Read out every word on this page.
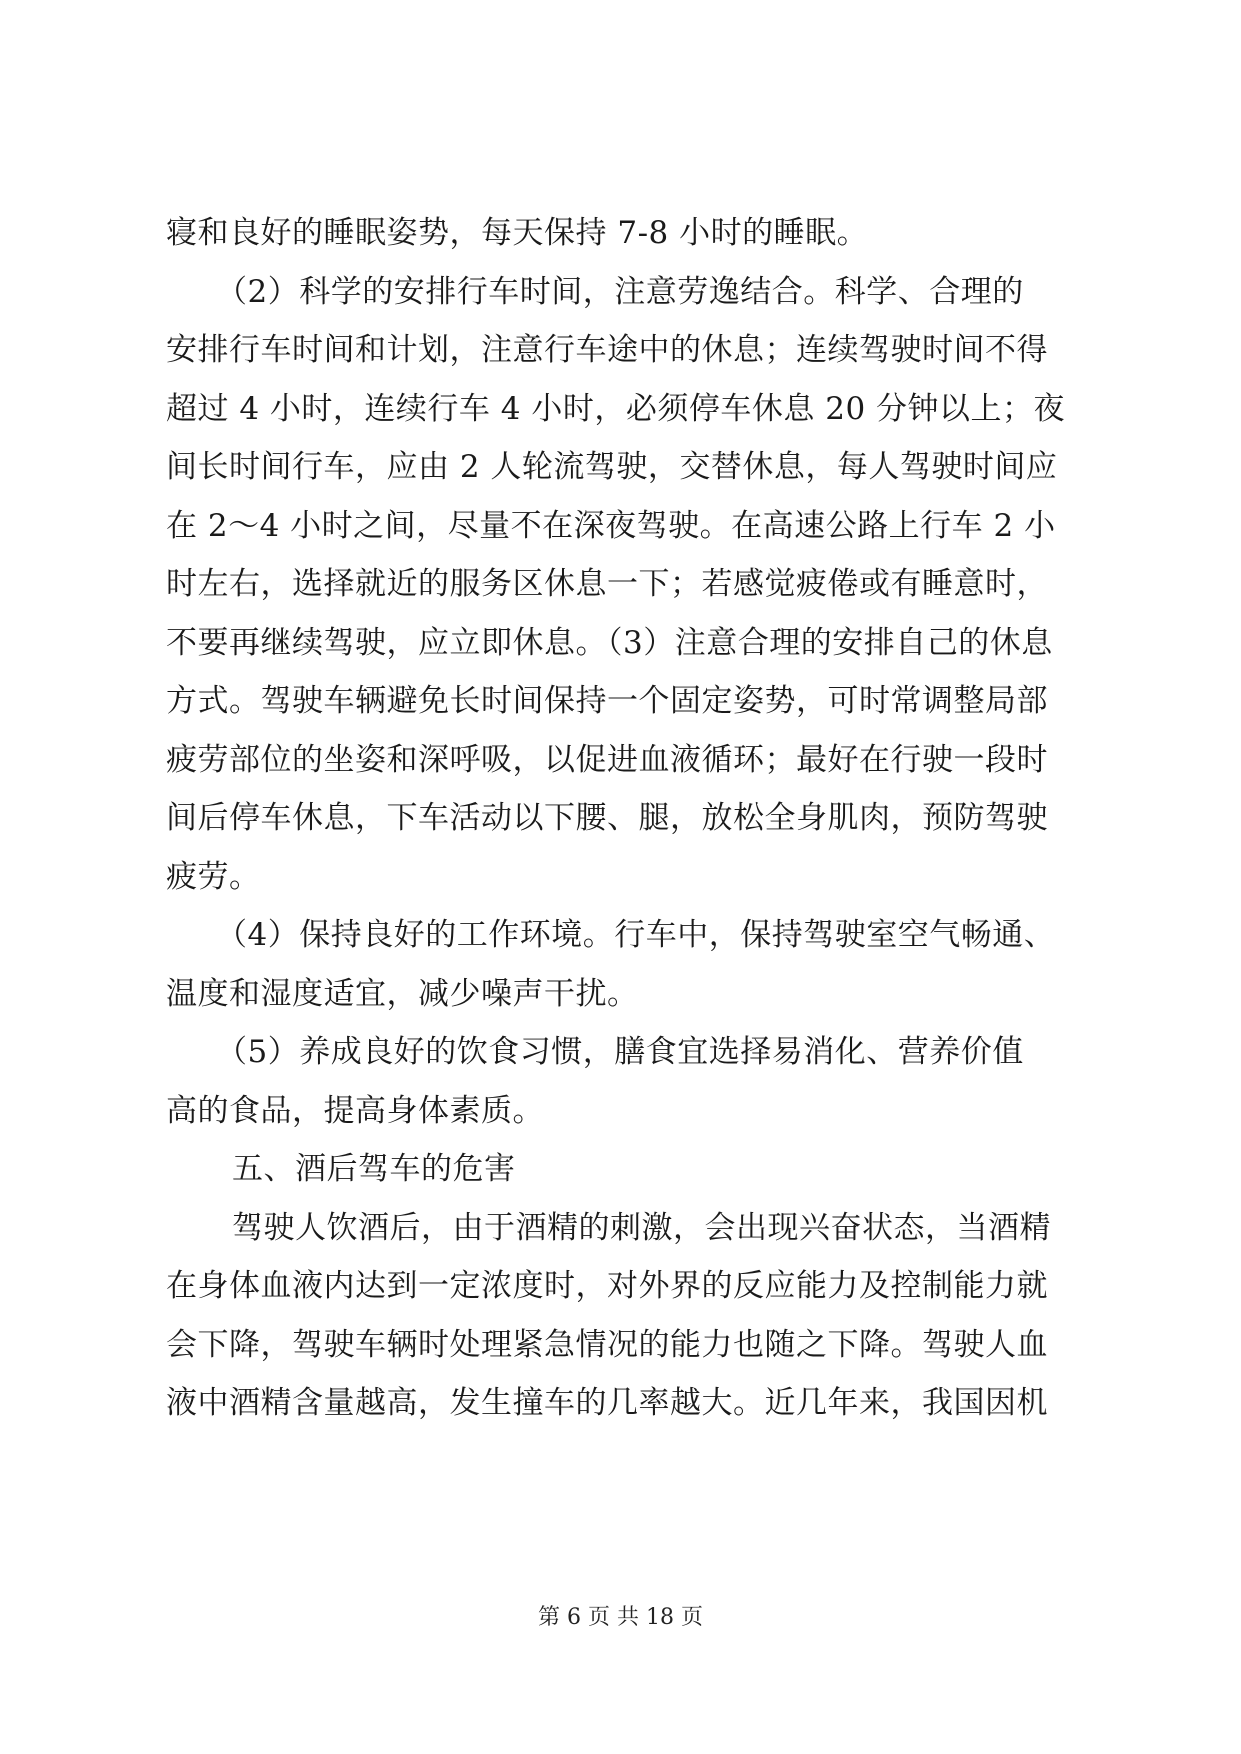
寝和良好的睡眠姿势，每天保持 7-8 小时的睡眠。
（2）科学的安排行车时间，注意劳逸结合。科学、合理的
安排行车时间和计划，注意行车途中的休息；连续驾驶时间不得
超过 4 小时，连续行车 4 小时，必须停车休息 20 分钟以上；夜
间长时间行车，应由 2 人轮流驾驶，交替休息，每人驾驶时间应
在 2～4 小时之间，尽量不在深夜驾驶。在高速公路上行车 2 小
时左右，选择就近的服务区休息一下；若感觉疲倦或有睡意时，
不要再继续驾驶，应立即休息。（3）注意合理的安排自己的休息
方式。驾驶车辆避免长时间保持一个固定姿势，可时常调整局部
疲劳部位的坐姿和深呼吸，以促进血液循环；最好在行驶一段时
间后停车休息，下车活动以下腰、腿，放松全身肌肉，预防驾驶
疲劳。
（4）保持良好的工作环境。行车中，保持驾驶室空气畅通、
温度和湿度适宜，减少噪声干扰。
（5）养成良好的饮食习惯，膳食宜选择易消化、营养价值
高的食品，提高身体素质。
五、酒后驾车的危害
驾驶人饮酒后，由于酒精的刺激，会出现兴奋状态，当酒精
在身体血液内达到一定浓度时，对外界的反应能力及控制能力就
会下降，驾驶车辆时处理紧急情况的能力也随之下降。驾驶人血
液中酒精含量越高，发生撞车的几率越大。近几年来，我国因机
第 6 页 共 18 页
